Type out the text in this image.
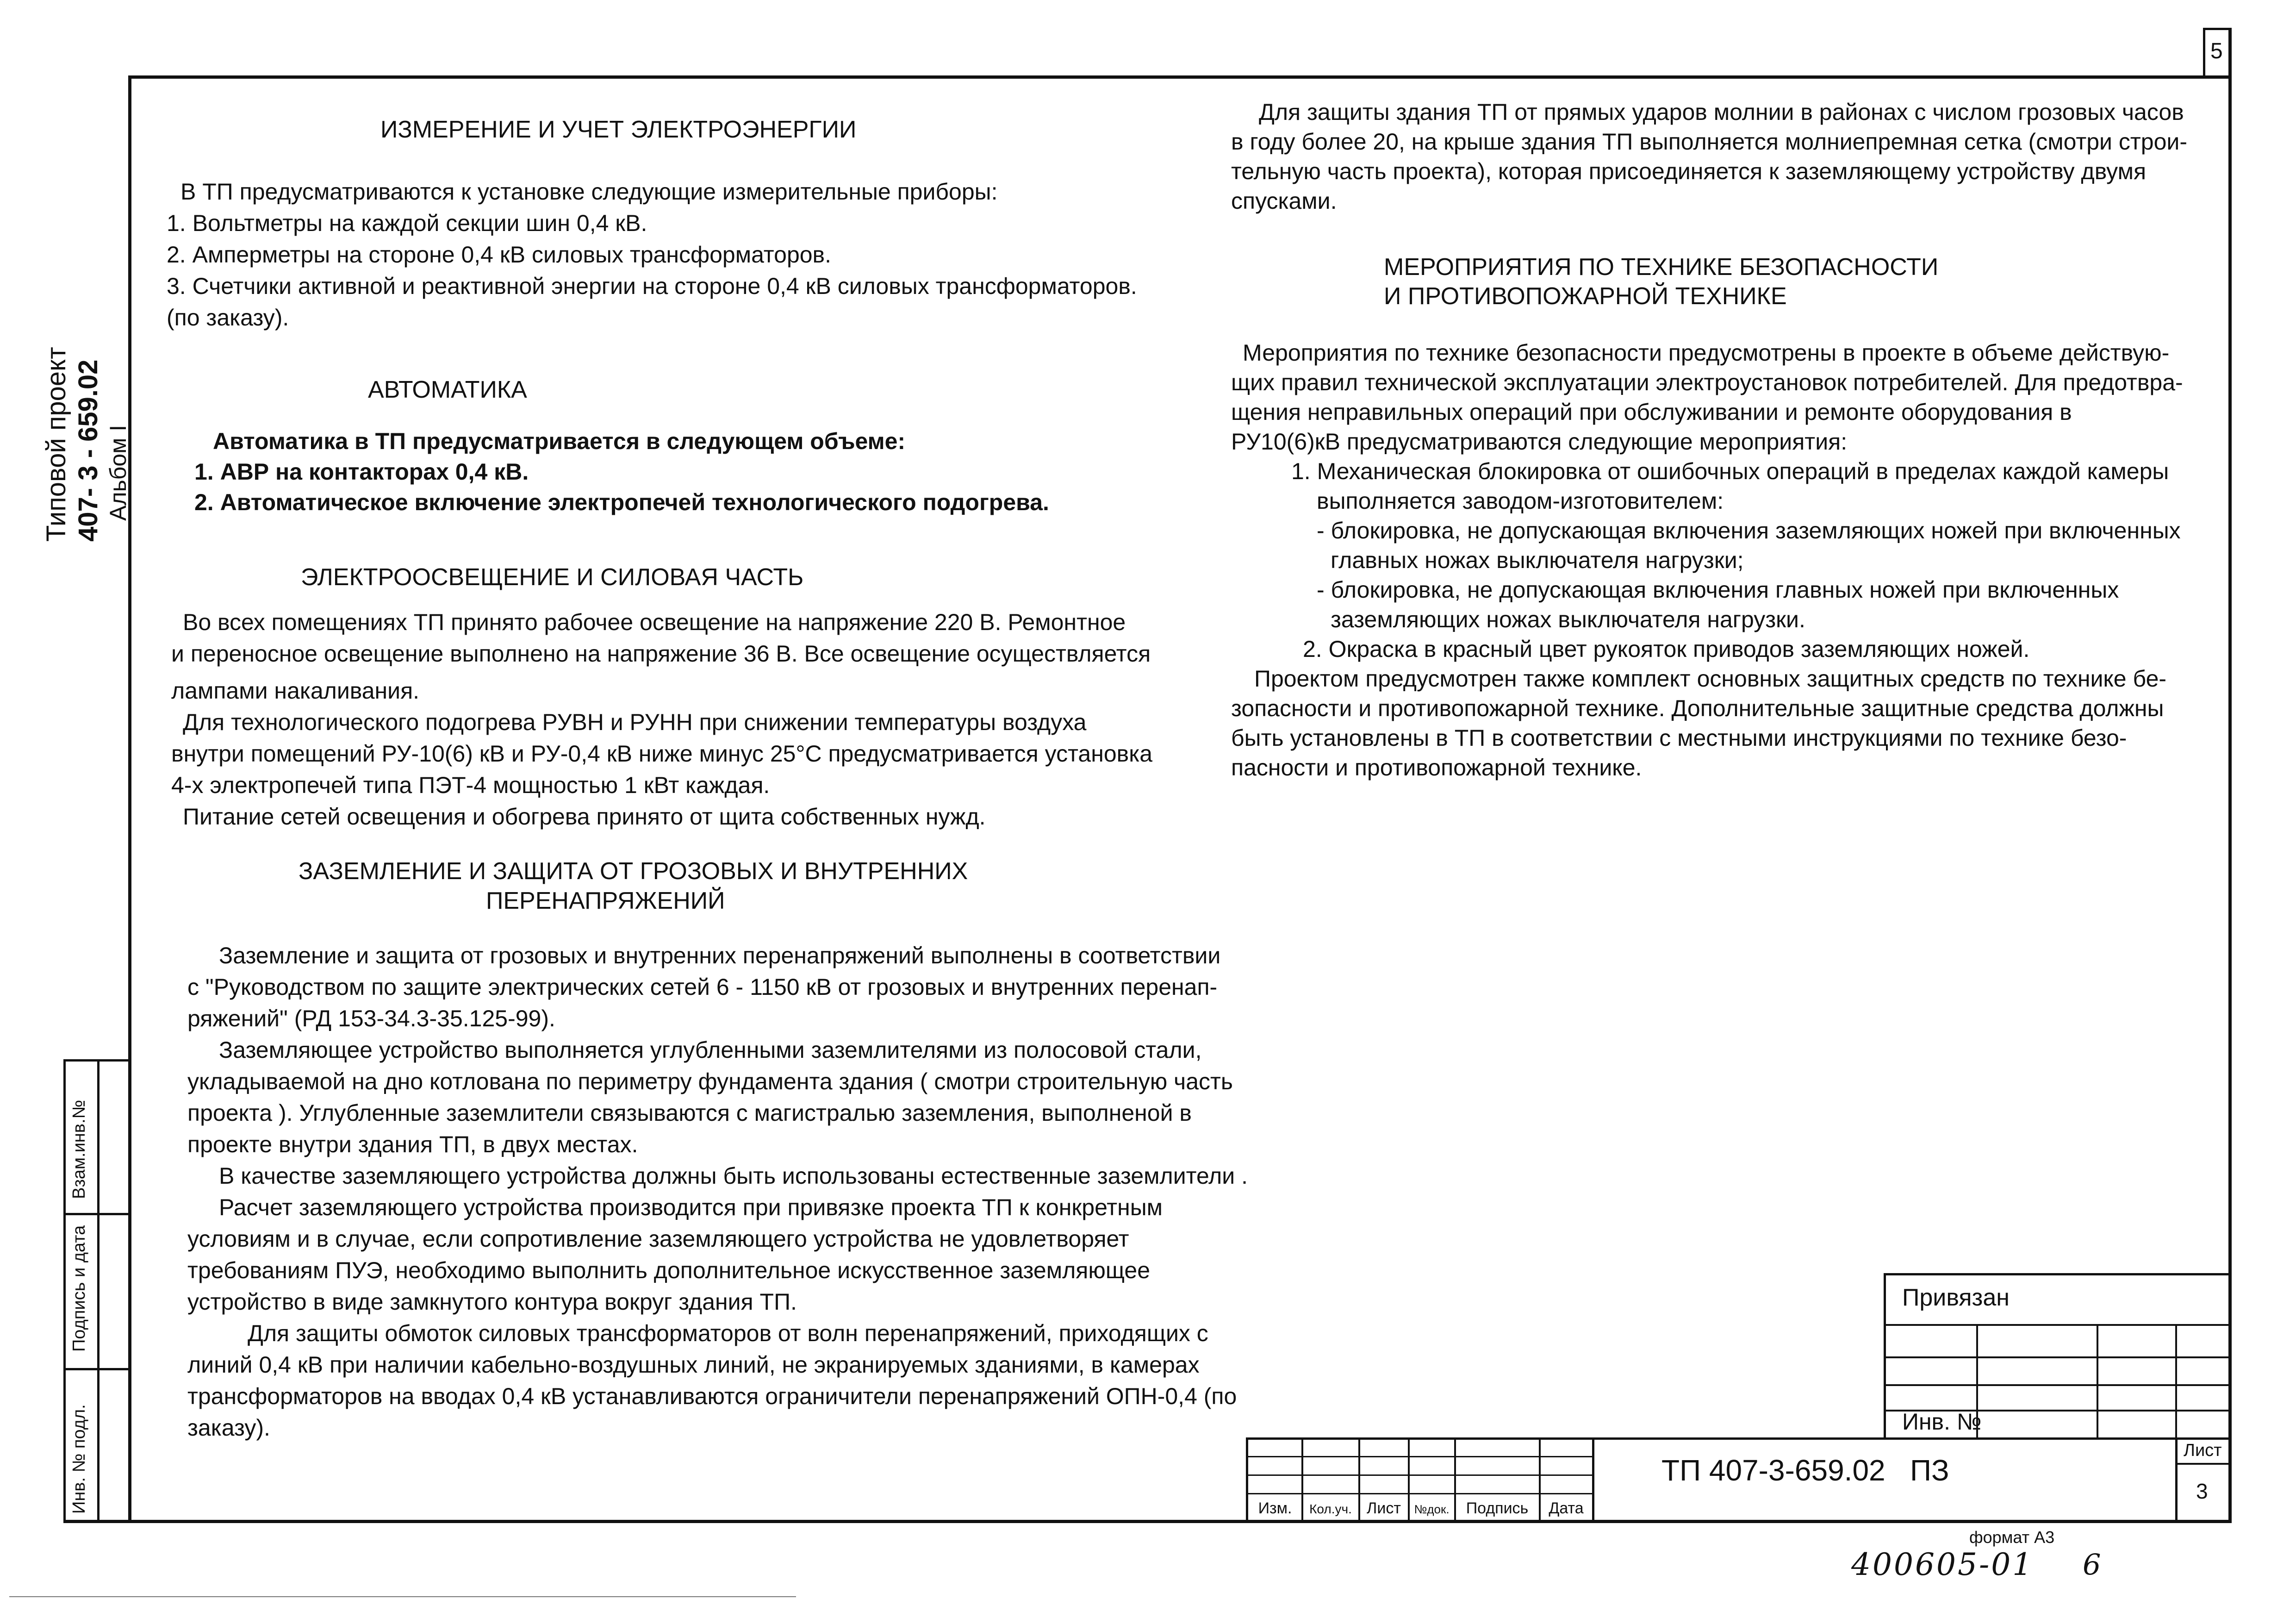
5
Типовой проект 407- 3 - 659.02 Альбом I
Взам.инв.№
Подпись и дата
Инв. № подл.
ИЗМЕРЕНИЕ И УЧЕТ ЭЛЕКТРОЭНЕРГИИ
В ТП предусматриваются к установке следующие измерительные приборы:
1. Вольтметры на каждой секции шин 0,4 кВ.
2. Амперметры на стороне 0,4 кВ силовых трансформаторов.
3. Счетчики активной и реактивной энергии на стороне 0,4 кВ силовых трансформаторов.
(по заказу).
АВТОМАТИКА
Автоматика в ТП предусматривается в следующем объеме:
1. АВР на контакторах 0,4 кВ.
2. Автоматическое включение электропечей технологического подогрева.
ЭЛЕКТРООСВЕЩЕНИЕ И СИЛОВАЯ ЧАСТЬ
Во всех помещениях ТП принято рабочее освещение на напряжение 220 В. Ремонтное
и переносное освещение выполнено на напряжение 36 В. Все освещение осуществляется
лампами накаливания.
Для технологического подогрева РУВН и РУНН при снижении температуры воздуха
внутри помещений РУ-10(6) кВ и РУ-0,4 кВ ниже минус 25°С предусматривается установка
4-х электропечей типа ПЭТ-4 мощностью 1 кВт каждая.
Питание сетей освещения и обогрева принято от щита собственных нужд.
ЗАЗЕМЛЕНИЕ И ЗАЩИТА ОТ ГРОЗОВЫХ И ВНУТРЕННИХ
ПЕРЕНАПРЯЖЕНИЙ
Заземление и защита от грозовых и внутренних перенапряжений выполнены в соответствии
с "Руководством по защите электрических сетей 6 - 1150 кВ от грозовых и внутренних перенап-
ряжений" (РД 153-34.3-35.125-99).
Заземляющее устройство выполняется углубленными заземлителями из полосовой стали,
укладываемой на дно котлована по периметру фундамента здания ( смотри строительную часть
проекта ). Углубленные заземлители связываются с магистралью заземления, выполненой в
проекте внутри здания ТП, в двух местах.
В качестве заземляющего устройства должны быть использованы естественные заземлители .
Расчет заземляющего устройства производится при привязке проекта ТП к конкретным
условиям и в случае, если сопротивление заземляющего устройства не удовлетворяет
требованиям ПУЭ, необходимо выполнить дополнительное искусственное заземляющее
устройство в виде замкнутого контура вокруг здания ТП.
Для защиты обмоток силовых трансформаторов от волн перенапряжений, приходящих с
линий 0,4 кВ при наличии кабельно-воздушных линий, не экранируемых зданиями, в камерах
трансформаторов на вводах 0,4 кВ устанавливаются ограничители перенапряжений ОПН-0,4 (по
заказу).
Для защиты здания ТП от прямых ударов молнии в районах с числом грозовых часов
в году более 20, на крыше здания ТП выполняется молниепремная сетка (смотри строи-
тельную часть проекта), которая присоединяется к заземляющему устройству двумя
спусками.
МЕРОПРИЯТИЯ ПО ТЕХНИКЕ БЕЗОПАСНОСТИ
И ПРОТИВОПОЖАРНОЙ ТЕХНИКЕ
Мероприятия по технике безопасности предусмотрены в проекте в объеме действую-
щих правил технической эксплуатации электроустановок потребителей. Для предотвра-
щения неправильных операций при обслуживании и ремонте оборудования в
РУ10(6)кВ предусматриваются следующие мероприятия:
1. Механическая блокировка от ошибочных операций в пределах каждой камеры
выполняется заводом-изготовителем:
- блокировка, не допускающая включения заземляющих ножей при включенных
главных ножах выключателя нагрузки;
- блокировка, не допускающая включения главных ножей при включенных
заземляющих ножах выключателя нагрузки.
2. Окраска в красный цвет рукояток приводов заземляющих ножей.
Проектом предусмотрен также комплект основных защитных средств по технике бе-
зопасности и противопожарной технике. Дополнительные защитные средства должны
быть установлены в ТП в соответствии с местными инструкциями по технике безо-
пасности и противопожарной технике.
Привязан
Инв. №
Изм.	Кол.уч. Лист	№док.	Подпись	Дата
ТП 407-3-659.02   ПЗ
Лист
3
формат А3
400605-01 6
